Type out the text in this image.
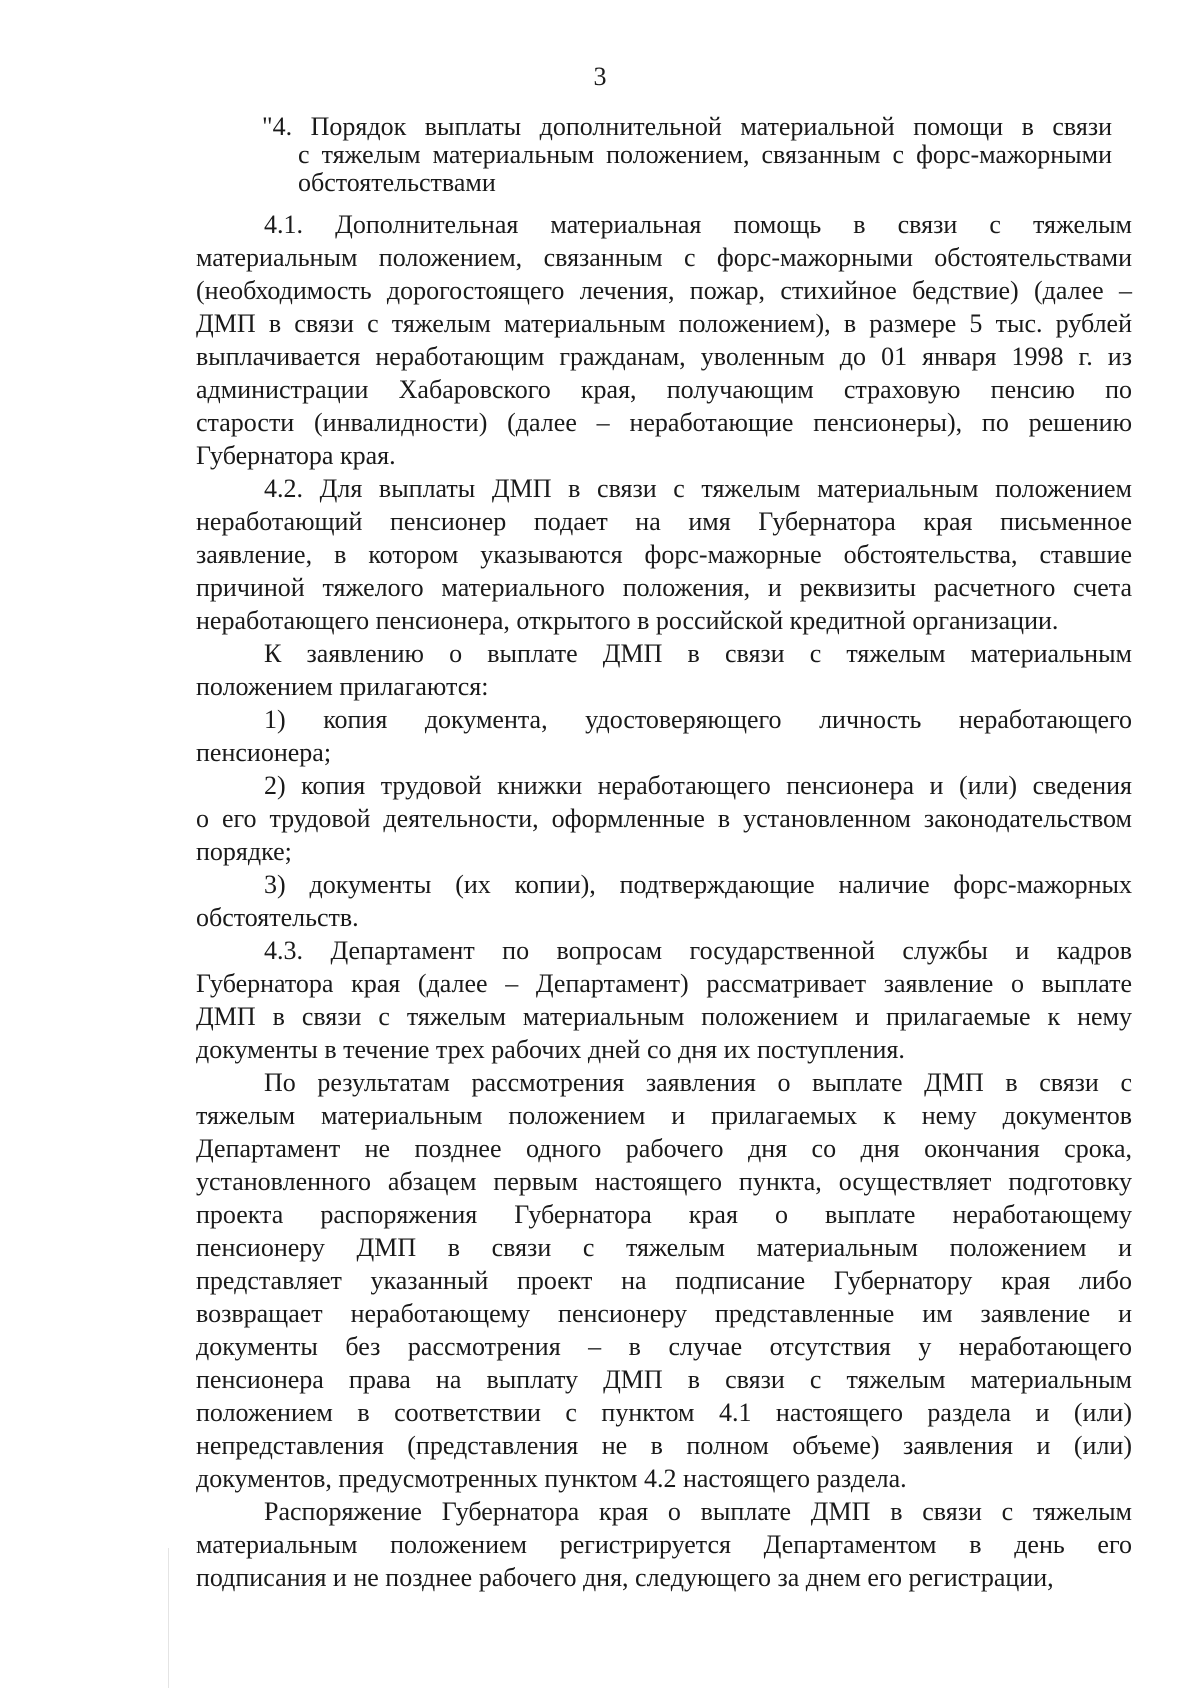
3
"4. Порядок выплаты дополнительной материальной помощи в связи
с тяжелым материальным положением, связанным с форс-мажорными
обстоятельствами
4.1. Дополнительная материальная помощь в связи с тяжелым
материальным положением, связанным с форс-мажорными обстоятельствами
(необходимость дорогостоящего лечения, пожар, стихийное бедствие) (далее –
ДМП в связи с тяжелым материальным положением), в размере 5 тыс. рублей
выплачивается неработающим гражданам, уволенным до 01 января 1998 г. из
администрации Хабаровского края, получающим страховую пенсию по
старости (инвалидности) (далее – неработающие пенсионеры), по решению
Губернатора края.
4.2. Для выплаты ДМП в связи с тяжелым материальным положением
неработающий пенсионер подает на имя Губернатора края письменное
заявление, в котором указываются форс-мажорные обстоятельства, ставшие
причиной тяжелого материального положения, и реквизиты расчетного счета
неработающего пенсионера, открытого в российской кредитной организации.
К заявлению о выплате ДМП в связи с тяжелым материальным
положением прилагаются:
1) копия документа, удостоверяющего личность неработающего
пенсионера;
2) копия трудовой книжки неработающего пенсионера и (или) сведения
о его трудовой деятельности, оформленные в установленном законодательством
порядке;
3) документы (их копии), подтверждающие наличие форс-мажорных
обстоятельств.
4.3. Департамент по вопросам государственной службы и кадров
Губернатора края (далее – Департамент) рассматривает заявление о выплате
ДМП в связи с тяжелым материальным положением и прилагаемые к нему
документы в течение трех рабочих дней со дня их поступления.
По результатам рассмотрения заявления о выплате ДМП в связи с
тяжелым материальным положением и прилагаемых к нему документов
Департамент не позднее одного рабочего дня со дня окончания срока,
установленного абзацем первым настоящего пункта, осуществляет подготовку
проекта распоряжения Губернатора края о выплате неработающему
пенсионеру ДМП в связи с тяжелым материальным положением и
представляет указанный проект на подписание Губернатору края либо
возвращает неработающему пенсионеру представленные им заявление и
документы без рассмотрения – в случае отсутствия у неработающего
пенсионера права на выплату ДМП в связи с тяжелым материальным
положением в соответствии с пунктом 4.1 настоящего раздела и (или)
непредставления (представления не в полном объеме) заявления и (или)
документов, предусмотренных пунктом 4.2 настоящего раздела.
Распоряжение Губернатора края о выплате ДМП в связи с тяжелым
материальным положением регистрируется Департаментом в день его
подписания и не позднее рабочего дня, следующего за днем его регистрации,
